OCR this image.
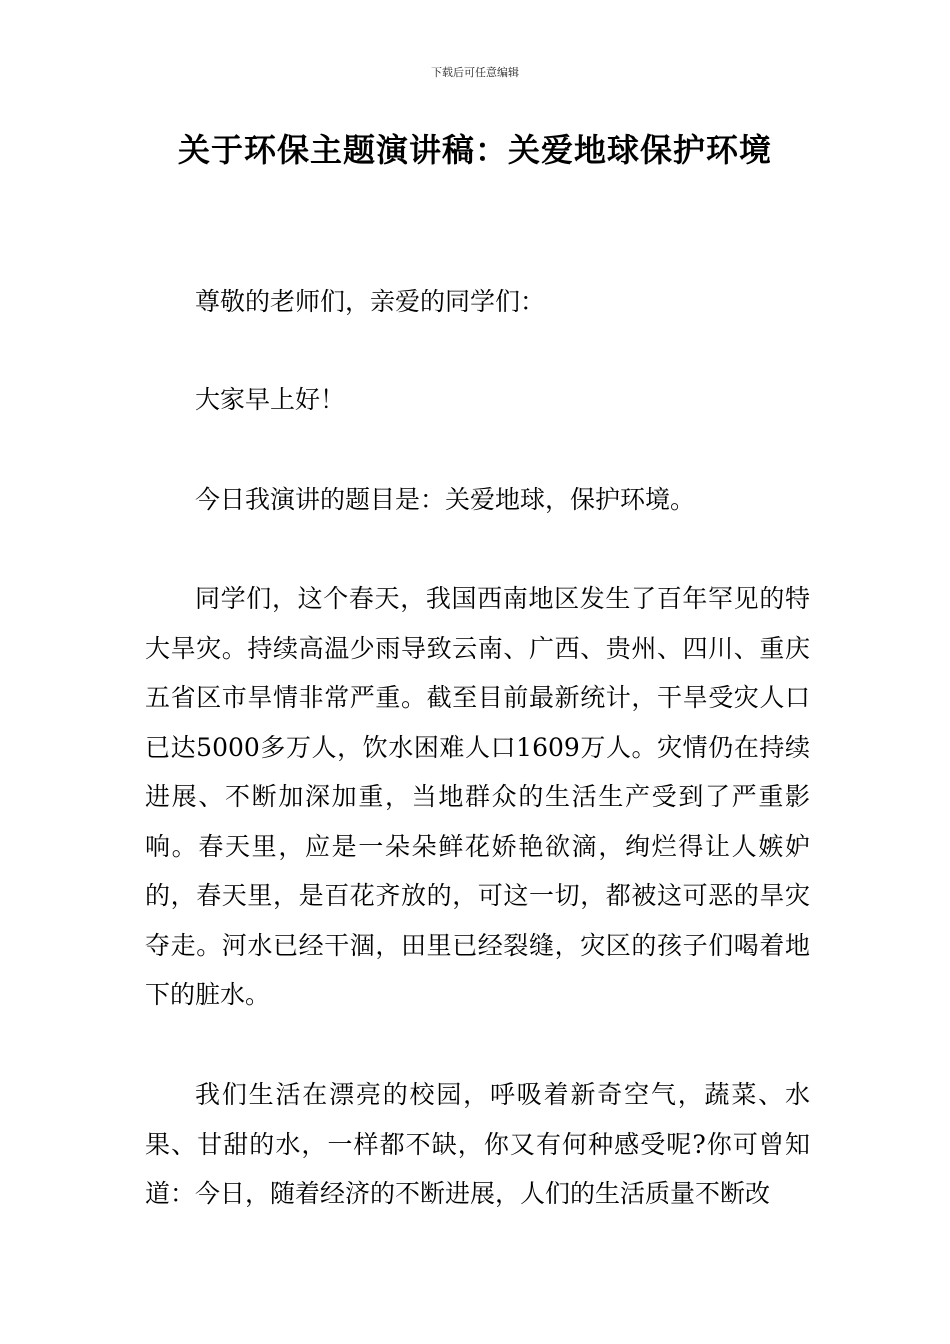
下载后可任意编辑
关于环保主题演讲稿：关爱地球保护环境

尊敬的老师们，亲爱的同学们：

大家早上好！

今日我演讲的题目是：关爱地球，保护环境。

同学们，这个春天，我国西南地区发生了百年罕见的特大旱灾。持续高温少雨导致云南、广西、贵州、四川、重庆五省区市旱情非常严重。截至目前最新统计，干旱受灾人口已达5000多万人，饮水困难人口1609万人。灾情仍在持续进展、不断加深加重，当地群众的生活生产受到了严重影响。春天里，应是一朵朵鲜花娇艳欲滴，绚烂得让人嫉妒的，春天里，是百花齐放的，可这一切，都被这可恶的旱灾夺走。河水已经干涸，田里已经裂缝，灾区的孩子们喝着地下的脏水。

我们生活在漂亮的校园，呼吸着新奇空气，蔬菜、水果、甘甜的水，一样都不缺，你又有何种感受呢?你可曾知道：今日，随着经济的不断进展，人们的生活质量不断改
